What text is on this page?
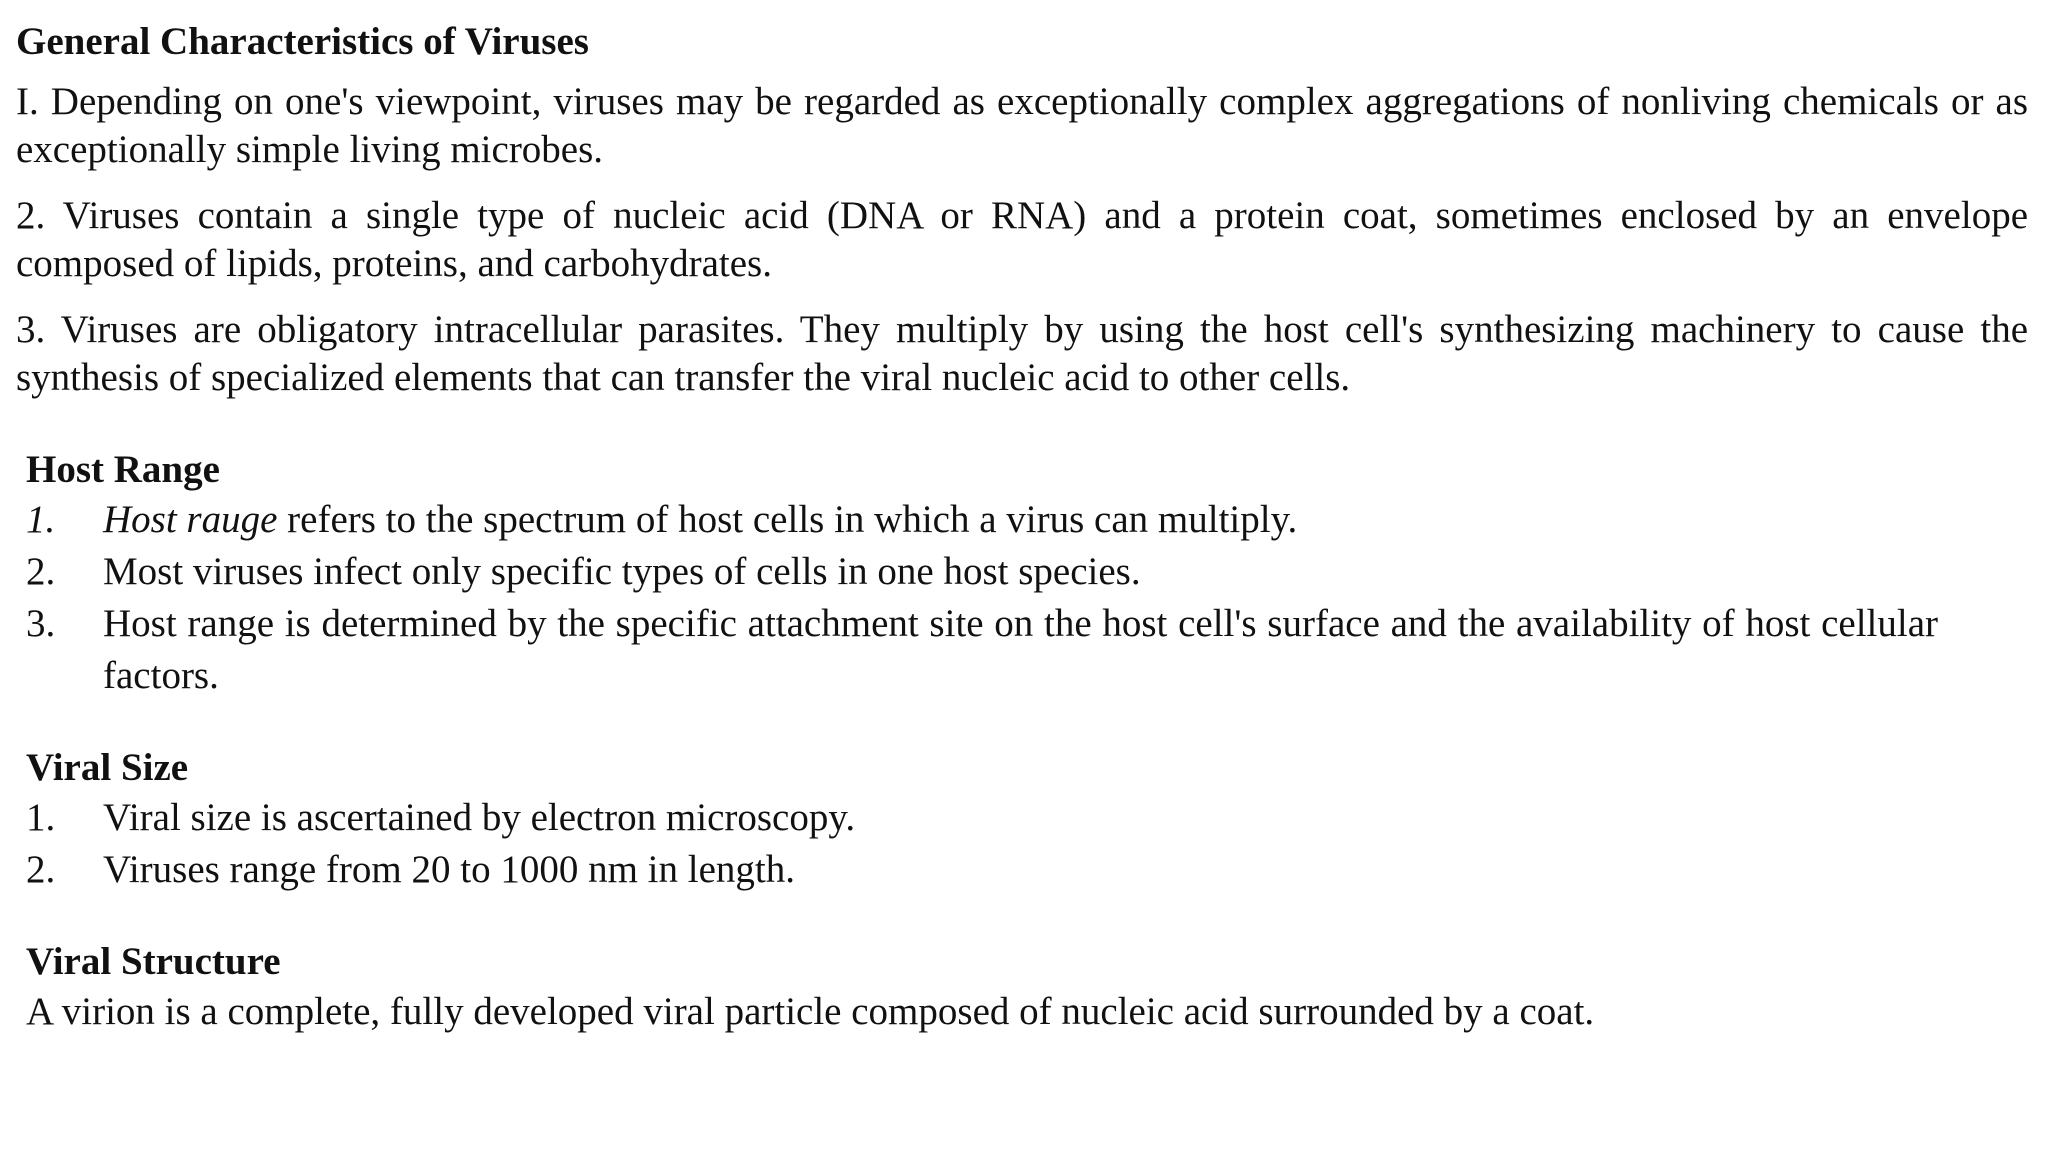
General Characteristics of Viruses

I. Depending on one's viewpoint, viruses may be regarded as exceptionally complex aggregations of nonliving chemicals or as exceptionally simple living microbes.

2. Viruses contain a single type of nucleic acid (DNA or RNA) and a protein coat, sometimes enclosed by an envelope composed of lipids, proteins, and carbohydrates.

3. Viruses are obligatory intracellular parasites. They multiply by using the host cell's synthesizing machinery to cause the synthesis of specialized elements that can transfer the viral nucleic acid to other cells.

Host Range
1.	Host rauge refers to the spectrum of host cells in which a virus can multiply.
2.	Most viruses infect only specific types of cells in one host species.
3.	Host range is determined by the specific attachment site on the host cell's surface and the availability of host cellular factors.
Viral Size
1.	Viral size is ascertained by electron microscopy.
2.	Viruses range from 20 to 1000 nm in length.
Viral Structure

A virion is a complete, fully developed viral particle composed of nucleic acid surrounded by a coat.
